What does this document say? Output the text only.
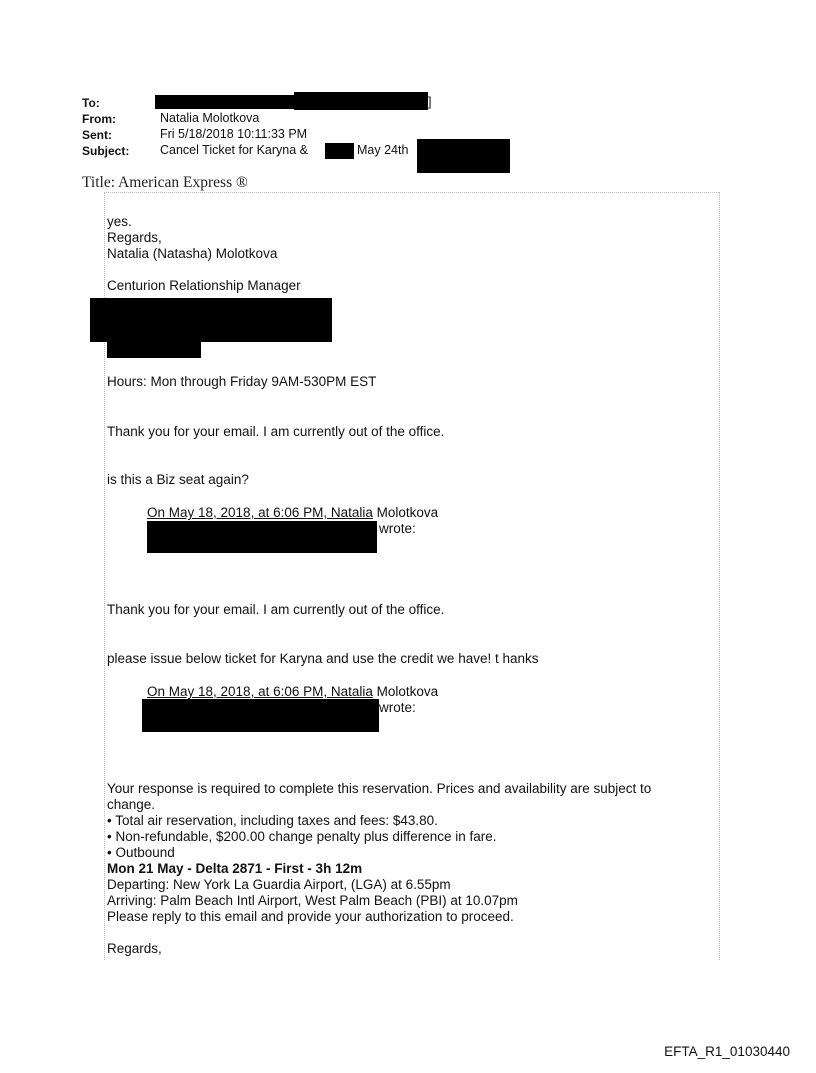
To:	]
From:	Natalia Molotkova
Sent:	Fri 5/18/2018 10:11:33 PM
Subject: Cancel Ticket for Karyna &	May 24th
Title: American Express ®
yes.
Regards,
Natalia (Natasha) Molotkova
Centurion Relationship Manager
Hours: Mon through Friday 9AM-530PM EST
Thank you for your email. I am currently out of the office.
is this a Biz seat again?
On May 18, 2018, at 6:06 PM, Natalia Molotkova
wrote:
Thank you for your email. I am currently out of the office.
please issue below ticket for Karyna and use the credit we have! t hanks
On May 18, 2018, at 6:06 PM, Natalia Molotkova
wrote:
Your response is required to complete this reservation. Prices and availability are subject to
change.
• Total air reservation, including taxes and fees: $43.80.
• Non-refundable, $200.00 change penalty plus difference in fare.
• Outbound
Mon 21 May - Delta 2871 - First - 3h 12m
Departing: New York La Guardia Airport, (LGA) at 6.55pm
Arriving: Palm Beach Intl Airport, West Palm Beach (PBI) at 10.07pm
Please reply to this email and provide your authorization to proceed.
Regards,
EFTA_R1_01030440
